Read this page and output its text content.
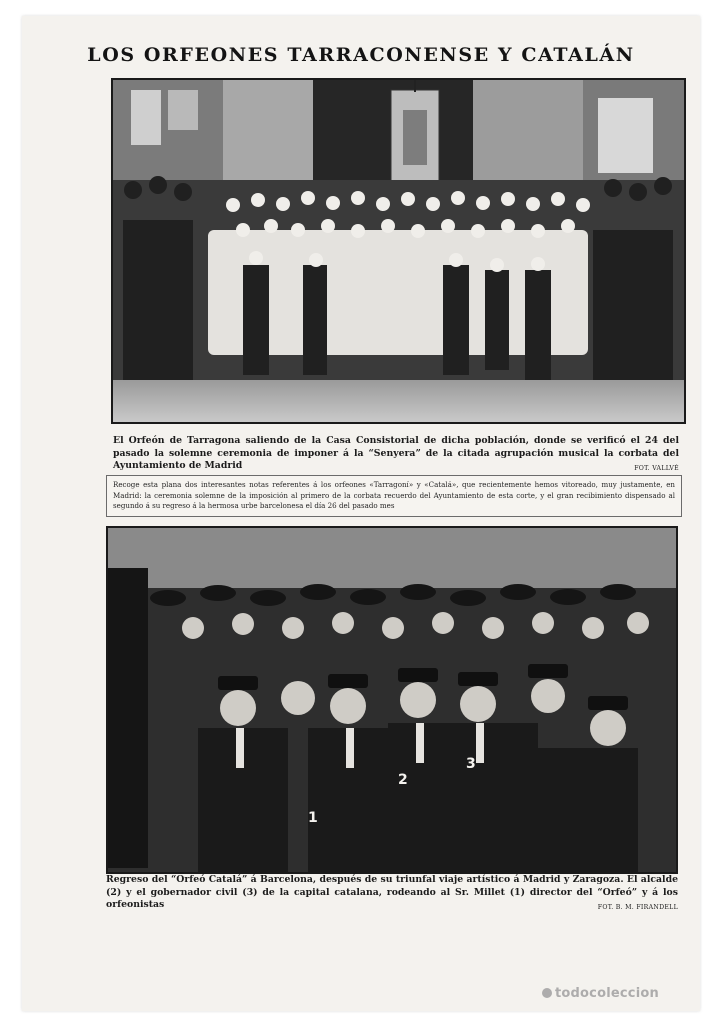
LOS ORFEONES TARRACONENSE Y CATALÁN
El Orfeón de Tarragona saliendo de la Casa Consistorial de dicha población, donde se verificó el 24 del pasado la solemne ceremonia de imponer á la “Senyera” de la citada agrupación musical la corbata del Ayuntamiento de Madrid	FOT. VALLVÉ
Recoge esta plana dos interesantes notas referentes á los orfeones «Tarragoní» y «Catalá», que recientemente hemos vitoreado, muy justamente, en Madrid: la ceremonia solemne de la imposición al primero de la corbata recuerdo del Ayuntamiento de esta corte, y el gran recibimiento dispensado al segundo á su regreso á la hermosa urbe barcelonesa el día 26 del pasado mes
1
2
3
Regreso del “Orfeó Catalá” á Barcelona, después de su triunfal viaje artístico á Madrid y Zaragoza. El alcalde (2) y el gobernador civil (3) de la capital catalana, rodeando al Sr. Millet (1) director del “Orfeó” y á los orfeonistas	FOT. B. M. FIRANDELL
todocoleccion
